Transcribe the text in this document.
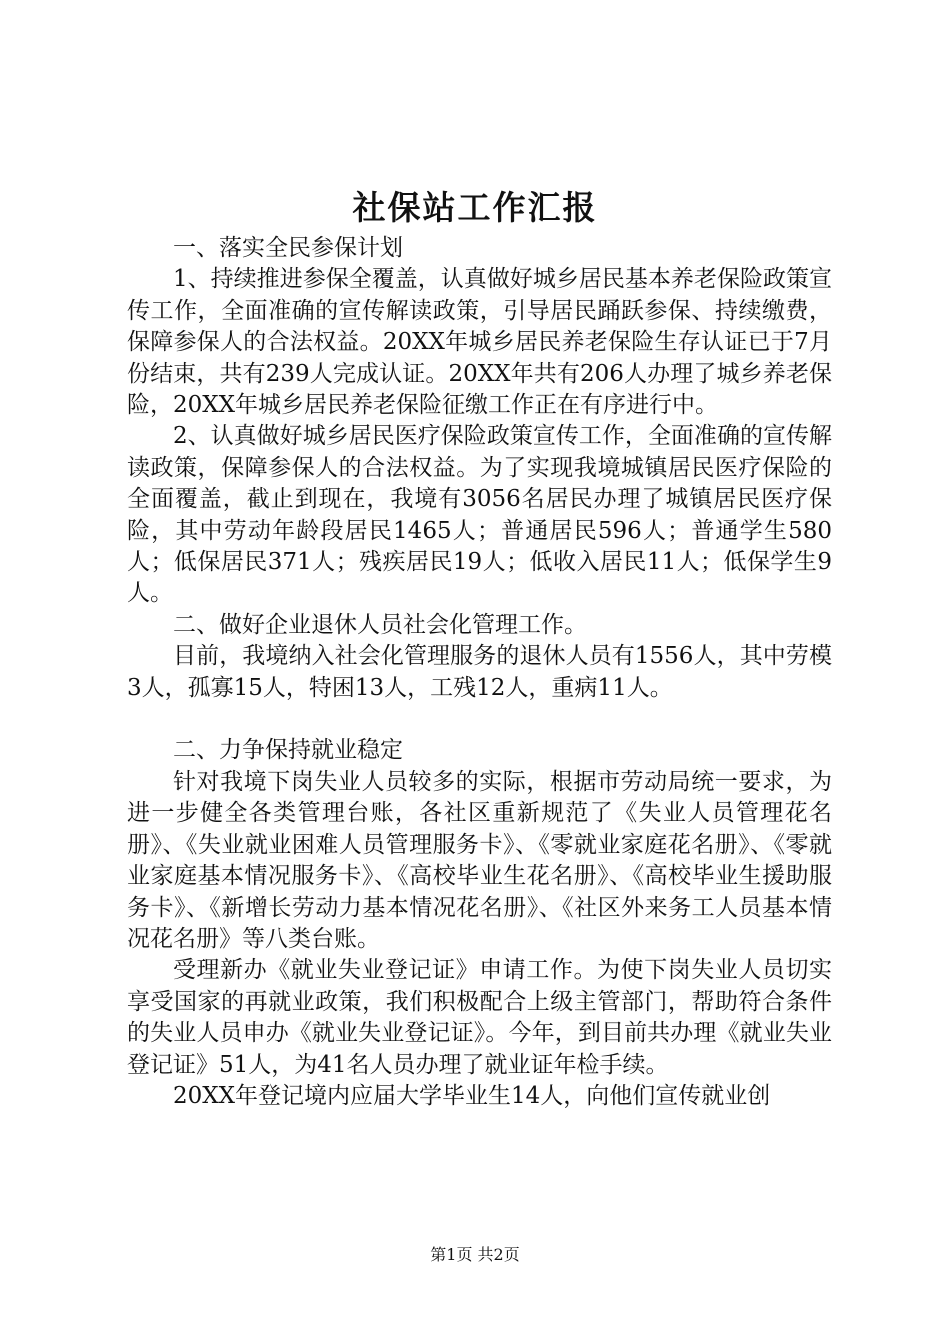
社保站工作汇报

一、落实全民参保计划

1、持续推进参保全覆盖，认真做好城乡居民基本养老保险政策宣传工作，全面准确的宣传解读政策，引导居民踊跃参保、持续缴费，保障参保人的合法权益。20XX年城乡居民养老保险生存认证已于7月份结束，共有239人完成认证。20XX年共有206人办理了城乡养老保险，20XX年城乡居民养老保险征缴工作正在有序进行中。

2、认真做好城乡居民医疗保险政策宣传工作，全面准确的宣传解读政策，保障参保人的合法权益。为了实现我境城镇居民医疗保险的全面覆盖，截止到现在，我境有3056名居民办理了城镇居民医疗保险，其中劳动年龄段居民1465人；普通居民596人；普通学生580人；低保居民371人；残疾居民19人；低收入居民11人；低保学生9人。

二、做好企业退休人员社会化管理工作。

目前，我境纳入社会化管理服务的退休人员有1556人，其中劳模3人，孤寡15人，特困13人，工残12人，重病11人。

二、力争保持就业稳定

针对我境下岗失业人员较多的实际，根据市劳动局统一要求，为进一步健全各类管理台账，各社区重新规范了《失业人员管理花名册》、《失业就业困难人员管理服务卡》、《零就业家庭花名册》、《零就业家庭基本情况服务卡》、《高校毕业生花名册》、《高校毕业生援助服务卡》、《新增长劳动力基本情况花名册》、《社区外来务工人员基本情况花名册》等八类台账。

受理新办《就业失业登记证》申请工作。为使下岗失业人员切实享受国家的再就业政策，我们积极配合上级主管部门，帮助符合条件的失业人员申办《就业失业登记证》。今年，到目前共办理《就业失业登记证》51人，为41名人员办理了就业证年检手续。

20XX年登记境内应届大学毕业生14人，向他们宣传就业创

第1页 共2页
